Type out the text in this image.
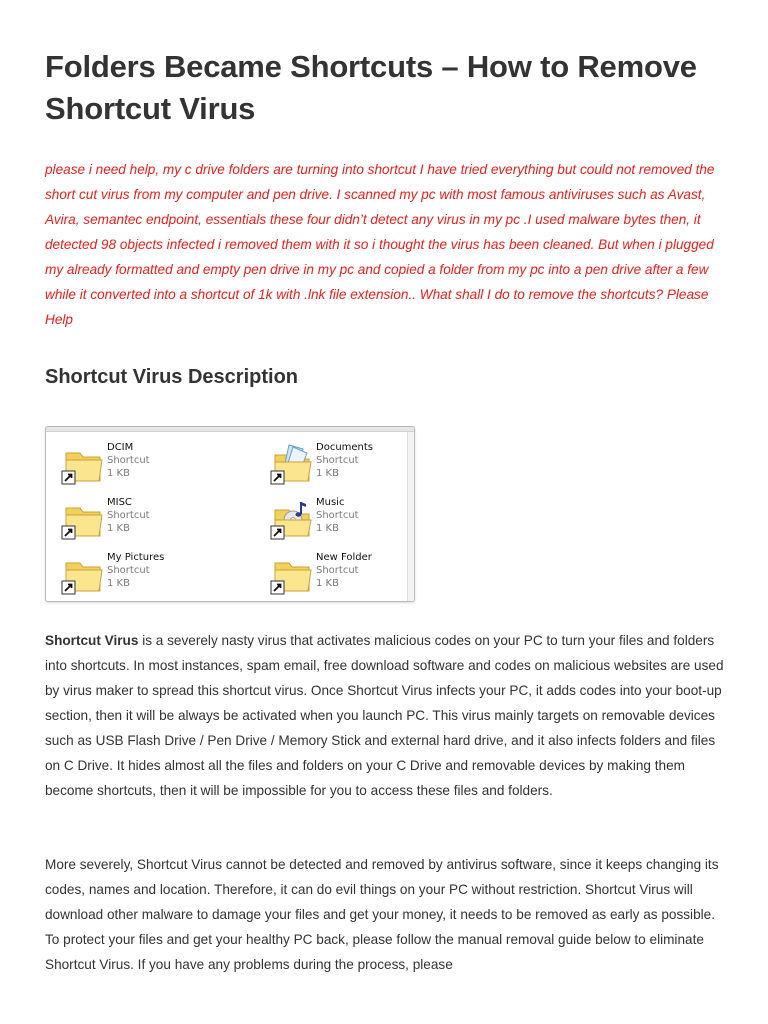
Folders Became Shortcuts – How to Remove Shortcut Virus

please i need help, my c drive folders are turning into shortcut I have tried everything but could not removed the short cut virus from my computer and pen drive. I scanned my pc with most famous antiviruses such as Avast, Avira, semantec endpoint, essentials these four didn’t detect any virus in my pc .I used malware bytes then, it detected 98 objects infected i removed them with it so i thought the virus has been cleaned. But when i plugged my already formatted and empty pen drive in my pc and copied a folder from my pc into a pen drive after a few while it converted into a shortcut of 1k with .lnk file extension.. What shall I do to remove the shortcuts? Please Help

Shortcut Virus Description
DCIM
Shortcut
1 KB
Documents
Shortcut
1 KB
MISC
Shortcut
1 KB
Music
Shortcut
1 KB
My Pictures
Shortcut
1 KB
New Folder
Shortcut
1 KB

Shortcut Virus is a severely nasty virus that activates malicious codes on your PC to turn your files and folders into shortcuts. In most instances, spam email, free download software and codes on malicious websites are used by virus maker to spread this shortcut virus. Once Shortcut Virus infects your PC, it adds codes into your boot-up section, then it will be always be activated when you launch PC. This virus mainly targets on removable devices such as USB Flash Drive / Pen Drive / Memory Stick and external hard drive, and it also infects folders and files on C Drive. It hides almost all the files and folders on your C Drive and removable devices by making them become shortcuts, then it will be impossible for you to access these files and folders.

More severely, Shortcut Virus cannot be detected and removed by antivirus software, since it keeps changing its codes, names and location. Therefore, it can do evil things on your PC without restriction. Shortcut Virus will download other malware to damage your files and get your money, it needs to be removed as early as possible. To protect your files and get your healthy PC back, please follow the manual removal guide below to eliminate Shortcut Virus. If you have any problems during the process, please
